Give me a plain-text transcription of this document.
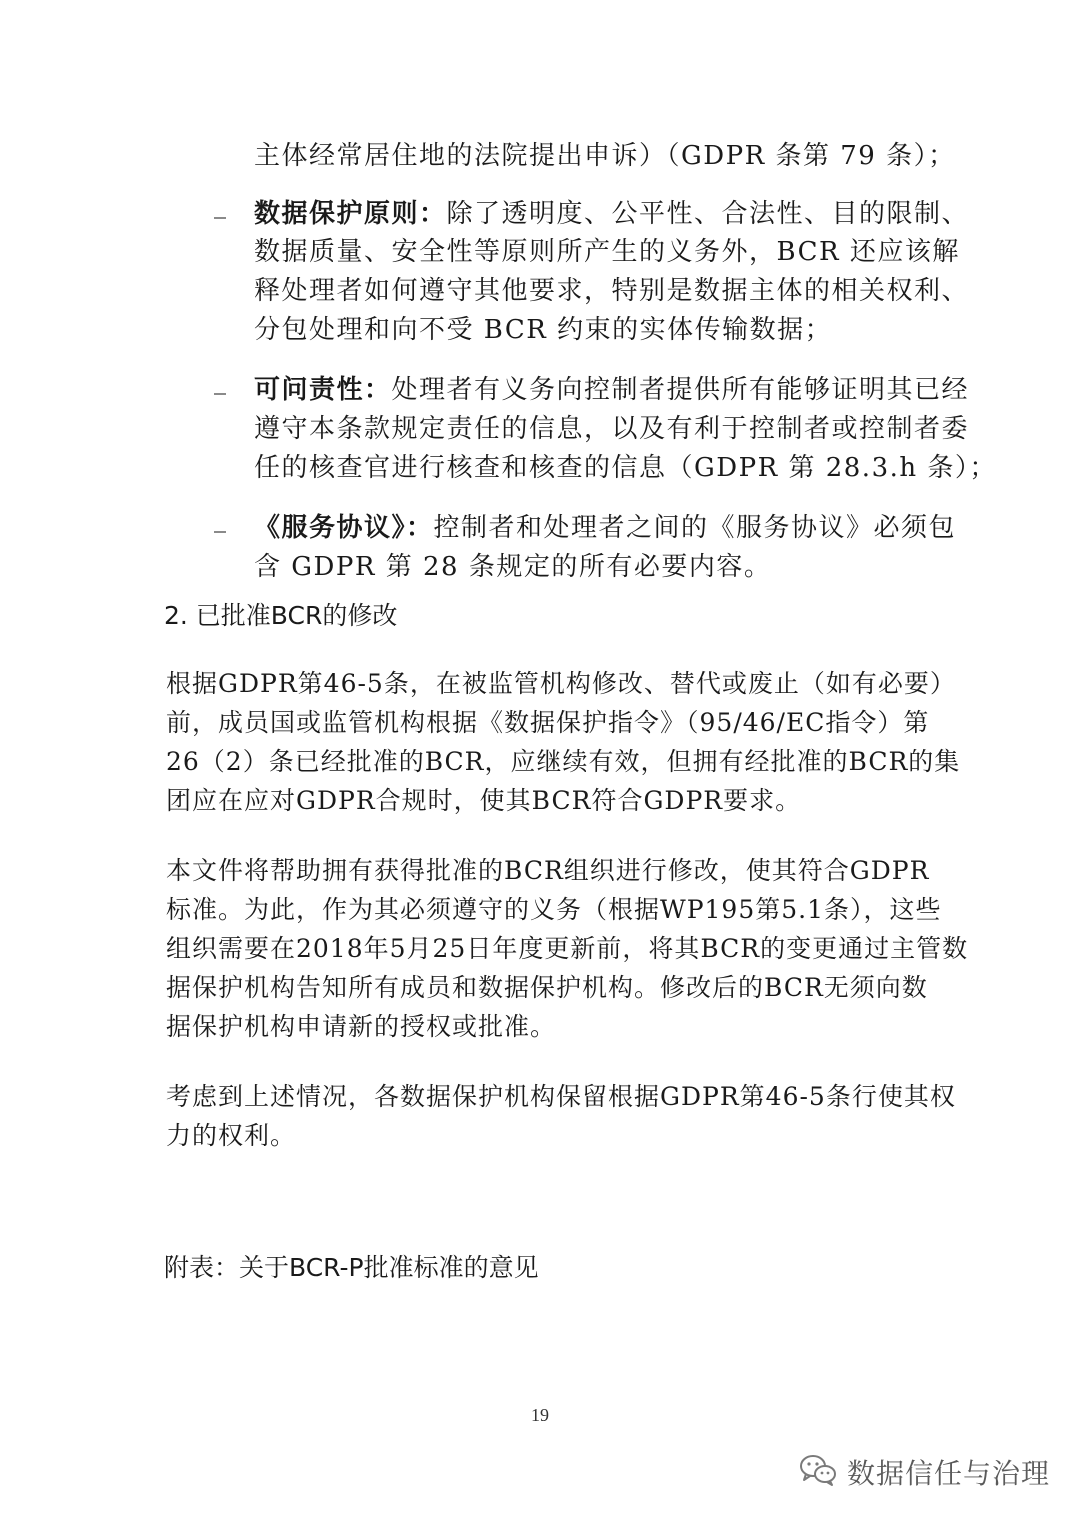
主体经常居住地的法院提出申诉）（GDPR 条第 79 条）；
数据保护原则：除了透明度、公平性、合法性、目的限制、
数据质量、安全性等原则所产生的义务外，BCR 还应该解
释处理者如何遵守其他要求，特别是数据主体的相关权利、
分包处理和向不受 BCR 约束的实体传输数据；
可问责性：处理者有义务向控制者提供所有能够证明其已经
遵守本条款规定责任的信息，以及有利于控制者或控制者委
任的核查官进行核查和核查的信息（GDPR 第 28.3.h 条）；
《服务协议》：控制者和处理者之间的《服务协议》必须包
含 GDPR 第 28 条规定的所有必要内容。
2. 已批准BCR的修改
根据GDPR第46-5条，在被监管机构修改、替代或废止（如有必要）
前，成员国或监管机构根据《数据保护指令》（95/46/EC指令）第
26（2）条已经批准的BCR，应继续有效，但拥有经批准的BCR的集
团应在应对GDPR合规时，使其BCR符合GDPR要求。
本文件将帮助拥有获得批准的BCR组织进行修改，使其符合GDPR
标准。为此，作为其必须遵守的义务（根据WP195第5.1条），这些
组织需要在2018年5月25日年度更新前，将其BCR的变更通过主管数
据保护机构告知所有成员和数据保护机构。修改后的BCR无须向数
据保护机构申请新的授权或批准。
考虑到上述情况，各数据保护机构保留根据GDPR第46-5条行使其权
力的权利。
附表：关于BCR-P批准标准的意见
19
数据信任与治理
